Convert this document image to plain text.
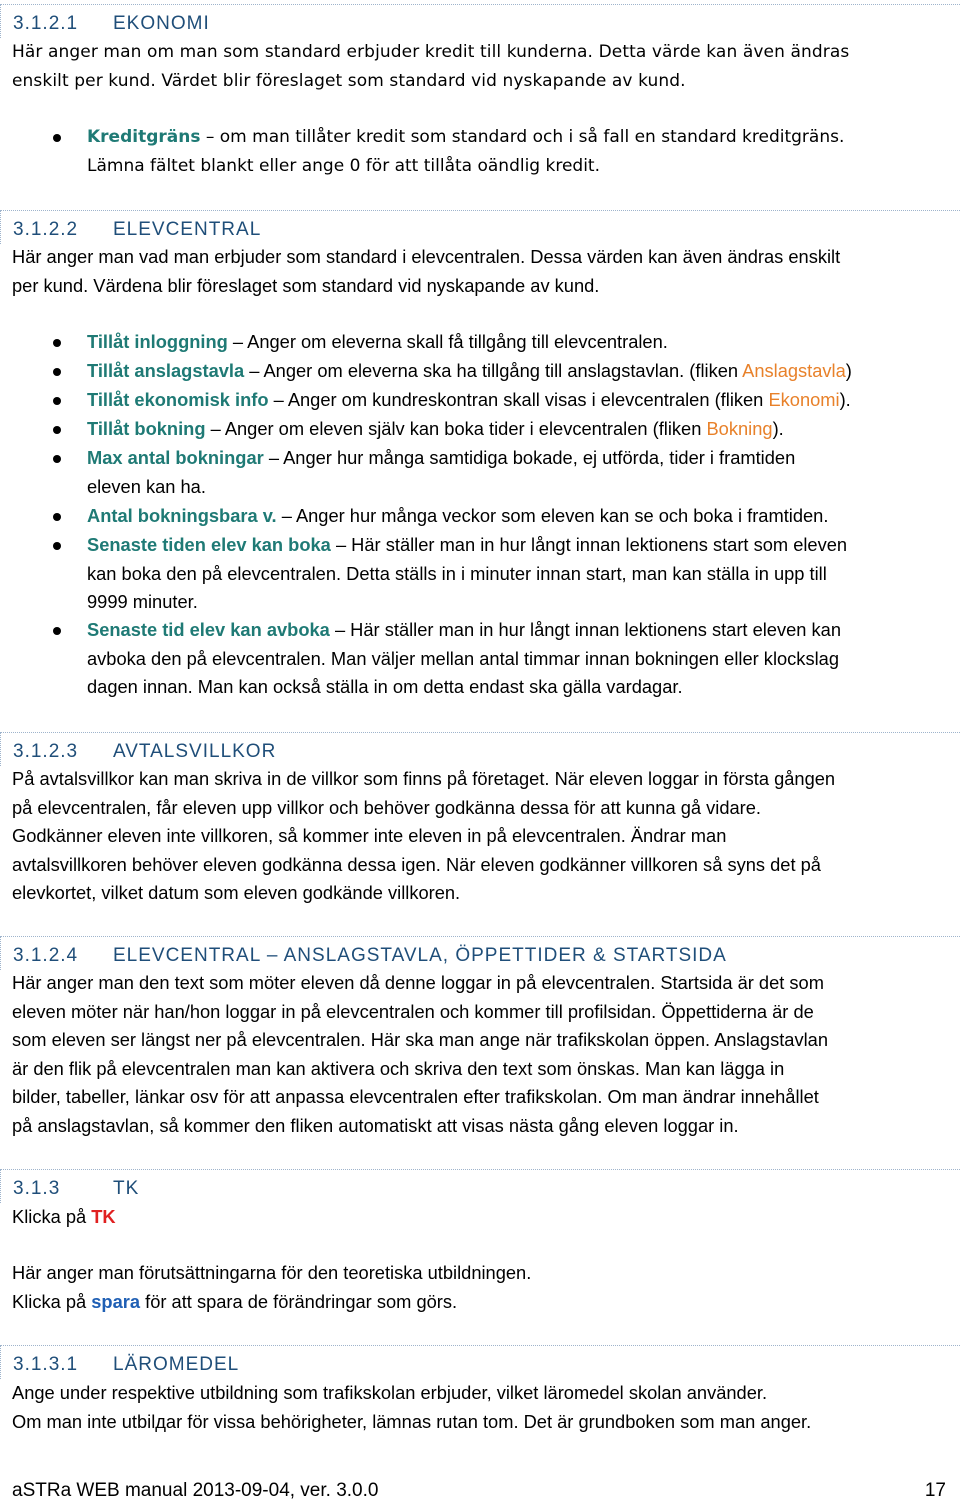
3.1.2.1 EKONOMI
Här anger man om man som standard erbjuder kredit till kunderna. Detta värde kan även ändras
enskilt per kund. Värdet blir föreslaget som standard vid nyskapande av kund.
Kreditgräns – om man tillåter kredit som standard och i så fall en standard kreditgräns.
Lämna fältet blankt eller ange 0 för att tillåta oändlig kredit.
3.1.2.2 ELEVCENTRAL
Här anger man vad man erbjuder som standard i elevcentralen. Dessa värden kan även ändras enskilt
per kund. Värdena blir föreslaget som standard vid nyskapande av kund.
Tillåt inloggning – Anger om eleverna skall få tillgång till elevcentralen.
Tillåt anslagstavla – Anger om eleverna ska ha tillgång till anslagstavlan. (fliken Anslagstavla)
Tillåt ekonomisk info – Anger om kundreskontran skall visas i elevcentralen (fliken Ekonomi).
Tillåt bokning – Anger om eleven själv kan boka tider i elevcentralen (fliken Bokning).
Max antal bokningar – Anger hur många samtidiga bokade, ej utförda, tider i framtiden
eleven kan ha.
Antal bokningsbara v. – Anger hur många veckor som eleven kan se och boka i framtiden.
Senaste tiden elev kan boka – Här ställer man in hur långt innan lektionens start som eleven
kan boka den på elevcentralen. Detta ställs in i minuter innan start, man kan ställa in upp till
9999 minuter.
Senaste tid elev kan avboka – Här ställer man in hur långt innan lektionens start eleven kan
avboka den på elevcentralen. Man väljer mellan antal timmar innan bokningen eller klockslag
dagen innan. Man kan också ställa in om detta endast ska gälla vardagar.
3.1.2.3 AVTALSVILLKOR
På avtalsvillkor kan man skriva in de villkor som finns på företaget. När eleven loggar in första gången
på elevcentralen, får eleven upp villkor och behöver godkänna dessa för att kunna gå vidare.
Godkänner eleven inte villkoren, så kommer inte eleven in på elevcentralen. Ändrar man
avtalsvillkoren behöver eleven godkänna dessa igen. När eleven godkänner villkoren så syns det på
elevkortet, vilket datum som eleven godkände villkoren.
3.1.2.4 ELEVCENTRAL – ANSLAGSTAVLA, ÖPPETTIDER & STARTSIDA
Här anger man den text som möter eleven då denne loggar in på elevcentralen. Startsida är det som
eleven möter när han/hon loggar in på elevcentralen och kommer till profilsidan. Öppettiderna är de
som eleven ser längst ner på elevcentralen. Här ska man ange när trafikskolan öppen. Anslagstavlan
är den flik på elevcentralen man kan aktivera och skriva den text som önskas. Man kan lägga in
bilder, tabeller, länkar osv för att anpassa elevcentralen efter trafikskolan. Om man ändrar innehållet
på anslagstavlan, så kommer den fliken automatiskt att visas nästa gång eleven loggar in.
3.1.3	TK
Klicka på TK
Här anger man förutsättningarna för den teoretiska utbildningen.
Klicka på spara för att spara de förändringar som görs.
3.1.3.1 LÄROMEDEL
Ange under respektive utbildning som trafikskolan erbjuder, vilket läromedel skolan använder.
Om man inte utbilдar för vissa behörigheter, lämnas rutan tom. Det är grundboken som man anger.
aSTRa WEB manual 2013-09-04, ver. 3.0.0	17
